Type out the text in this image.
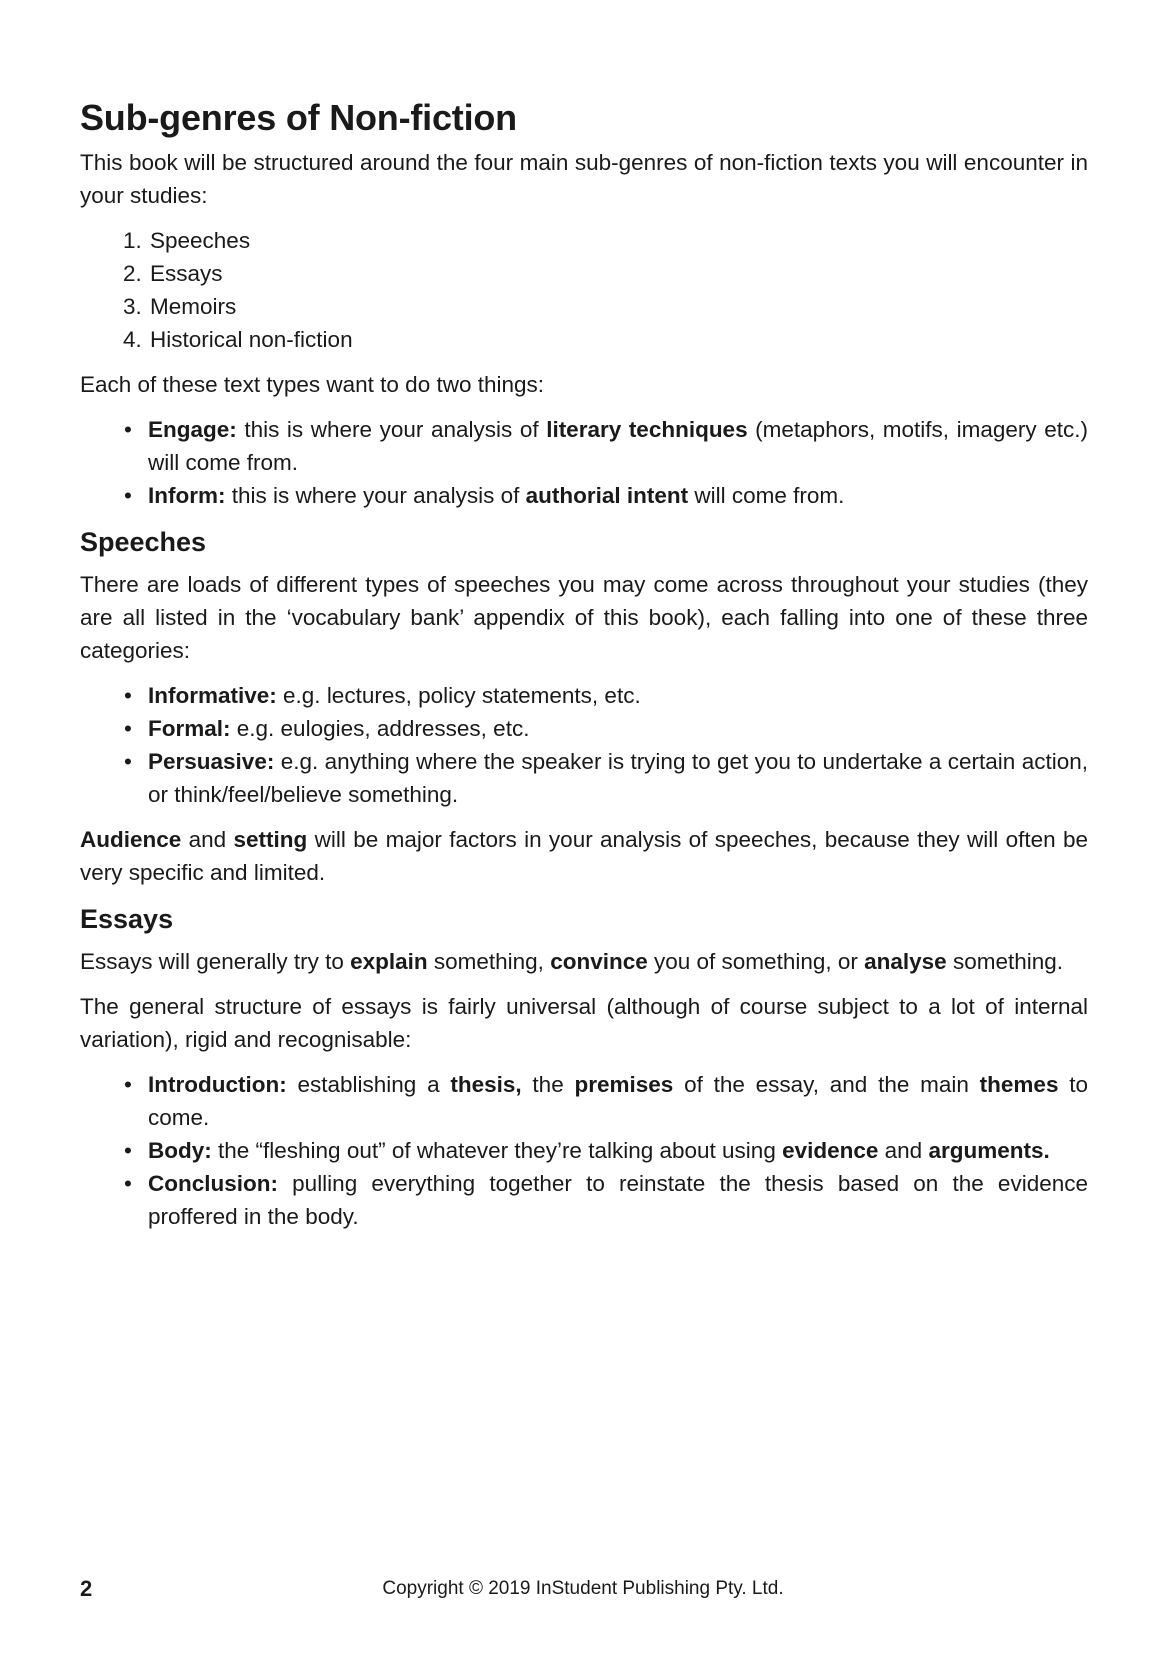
Sub-genres of Non-fiction

This book will be structured around the four main sub-genres of non-fiction texts you will encounter in your studies:

1. Speeches
2. Essays
3. Memoirs
4. Historical non-fiction

Each of these text types want to do two things:

• Engage: this is where your analysis of literary techniques (metaphors, motifs, imagery etc.) will come from.
• Inform: this is where your analysis of authorial intent will come from.
Speeches

There are loads of different types of speeches you may come across throughout your studies (they are all listed in the ‘vocabulary bank’ appendix of this book), each falling into one of these three categories:

• Informative: e.g. lectures, policy statements, etc.
• Formal: e.g. eulogies, addresses, etc.
• Persuasive: e.g. anything where the speaker is trying to get you to undertake a certain action, or think/feel/believe something.

Audience and setting will be major factors in your analysis of speeches, because they will often be very specific and limited.

Essays

Essays will generally try to explain something, convince you of something, or analyse something.

The general structure of essays is fairly universal (although of course subject to a lot of internal variation), rigid and recognisable:

• Introduction: establishing a thesis, the premises of the essay, and the main themes to come.
• Body: the “fleshing out” of whatever they’re talking about using evidence and arguments.
• Conclusion: pulling everything together to reinstate the thesis based on the evidence proffered in the body.
2	Copyright © 2019 InStudent Publishing Pty. Ltd.
